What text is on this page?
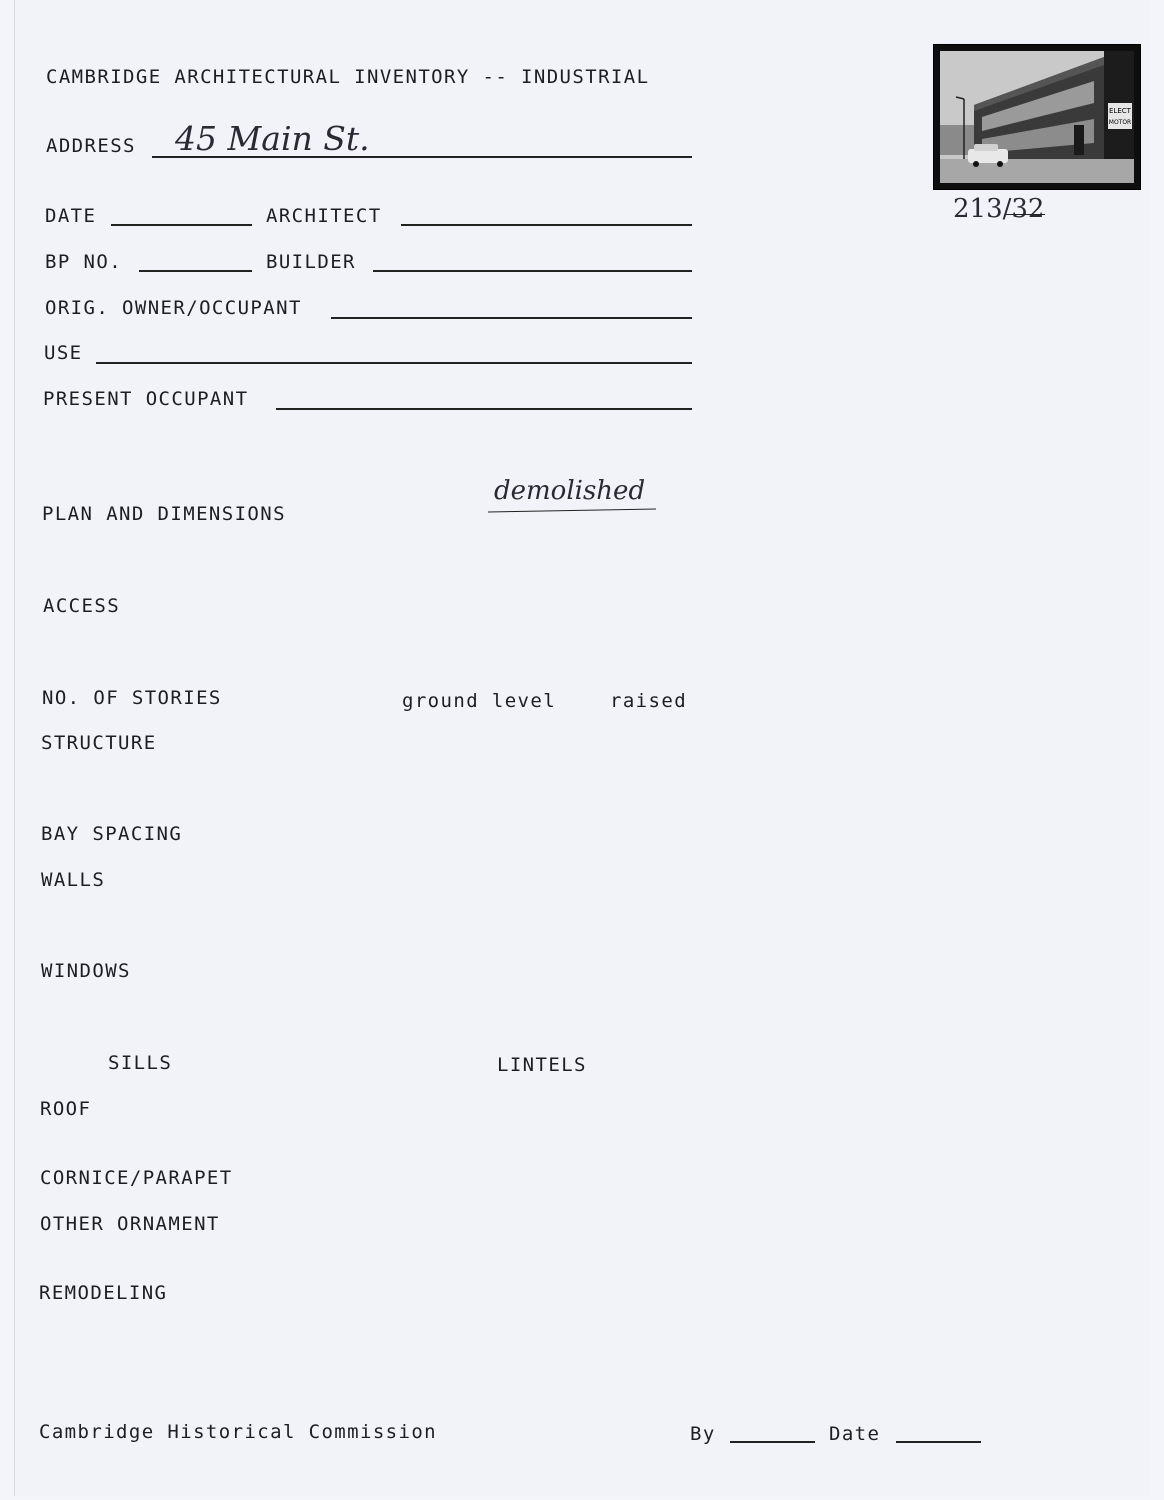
CAMBRIDGE ARCHITECTURAL INVENTORY -- INDUSTRIAL
ADDRESS 45 Main St.
DATE	ARCHITECT
BP NO.	BUILDER
ORIG. OWNER/OCCUPANT
USE
PRESENT OCCUPANT
demolished
PLAN AND DIMENSIONS
ACCESS
NO. OF STORIES	ground level	raised
STRUCTURE
BAY SPACING
WALLS
WINDOWS
SILLS	LINTELS
ROOF
CORNICE/PARAPET
OTHER ORNAMENT
REMODELING
Cambridge Historical Commission	By	Date
ELECT
MOTOR
213/32
